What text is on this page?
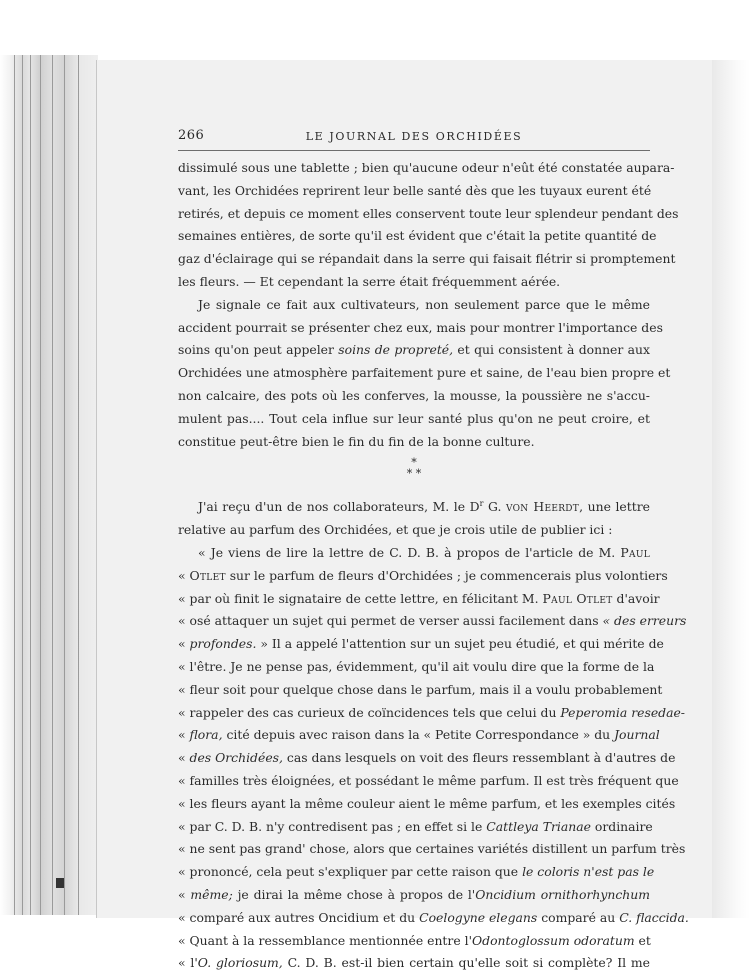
266	LE JOURNAL DES ORCHIDÉES
dissimulé sous une tablette ; bien qu'aucune odeur n'eût été constatée aupara-
vant, les Orchidées reprirent leur belle santé dès que les tuyaux eurent été
retirés, et depuis ce moment elles conservent toute leur splendeur pendant des
semaines entières, de sorte qu'il est évident que c'était la petite quantité de
gaz d'éclairage qui se répandait dans la serre qui faisait flétrir si promptement
les fleurs. — Et cependant la serre était fréquemment aérée.
Je signale ce fait aux cultivateurs, non seulement parce que le même
accident pourrait se présenter chez eux, mais pour montrer l'importance des
soins qu'on peut appeler soins de propreté, et qui consistent à donner aux
Orchidées une atmosphère parfaitement pure et saine, de l'eau bien propre et
non calcaire, des pots où les conferves, la mousse, la poussière ne s'accu-
mulent pas.... Tout cela influe sur leur santé plus qu'on ne peut croire, et
constitue peut-être bien le fin du fin de la bonne culture.
*
* *
J'ai reçu d'un de nos collaborateurs, M. le $D^r$ G. von Heerdt, une lettre
relative au parfum des Orchidées, et que je crois utile de publier ici :
« Je viens de lire la lettre de C. D. B. à propos de l'article de M. Paul
« Otlet sur le parfum de fleurs d'Orchidées ; je commencerais plus volontiers
« par où finit le signataire de cette lettre, en félicitant M. Paul Otlet d'avoir
« osé attaquer un sujet qui permet de verser aussi facilement dans « des erreurs
« profondes. » Il a appelé l'attention sur un sujet peu étudié, et qui mérite de
« l'être. Je ne pense pas, évidemment, qu'il ait voulu dire que la forme de la
« fleur soit pour quelque chose dans le parfum, mais il a voulu probablement
« rappeler des cas curieux de coïncidences tels que celui du Peperomia resedae-
« flora, cité depuis avec raison dans la « Petite Correspondance » du Journal
« des Orchidées, cas dans lesquels on voit des fleurs ressemblant à d'autres de
« familles très éloignées, et possédant le même parfum. Il est très fréquent que
« les fleurs ayant la même couleur aient le même parfum, et les exemples cités
« par C. D. B. n'y contredisent pas ; en effet si le Cattleya Trianae ordinaire
« ne sent pas grand' chose, alors que certaines variétés distillent un parfum très
« prononcé, cela peut s'expliquer par cette raison que le coloris n'est pas le
« même; je dirai la même chose à propos de l'Oncidium ornithorhynchum
« comparé aux autres Oncidium et du Coelogyne elegans comparé au C. flaccida.
« Quant à la ressemblance mentionnée entre l'Odontoglossum odoratum et
« l'O. gloriosum, C. D. B. est-il bien certain qu'elle soit si complète? Il me
